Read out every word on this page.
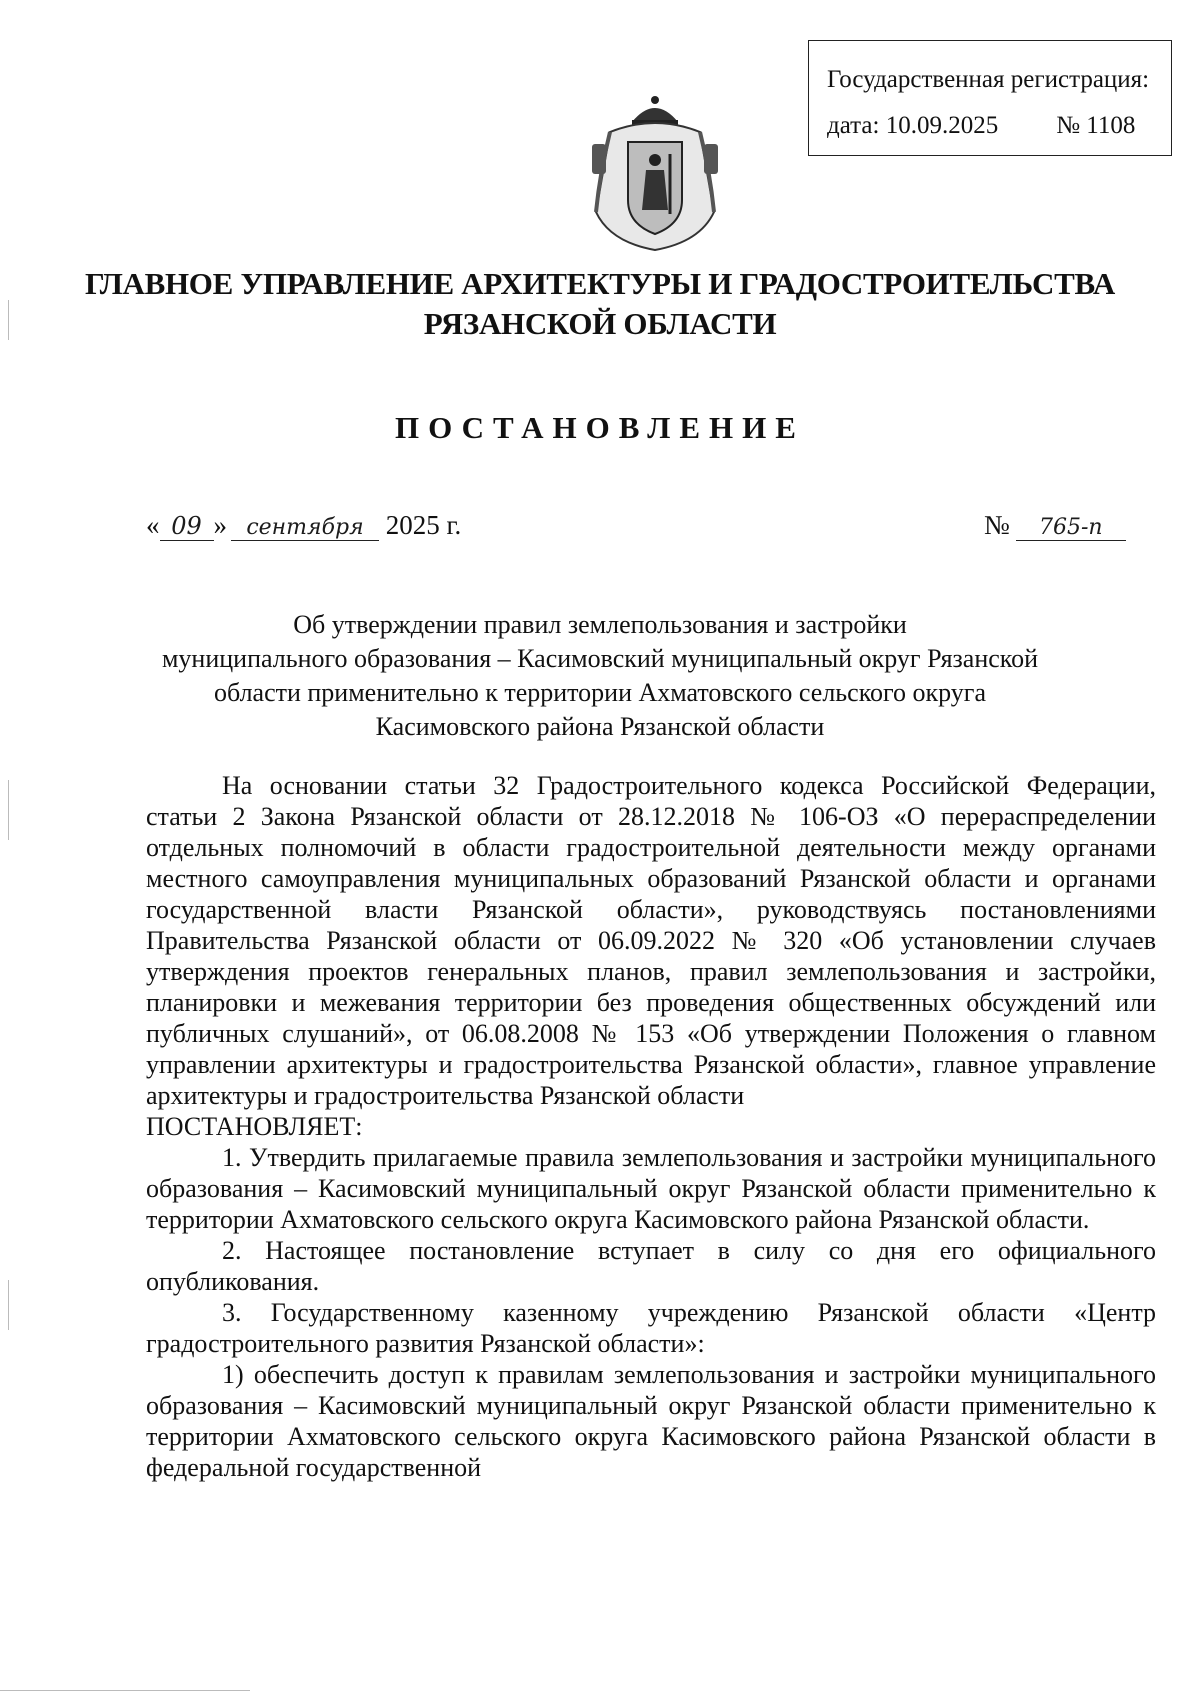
Государственная регистрация:
дата: 10.09.2025 № 1108
ГЛАВНОЕ УПРАВЛЕНИЕ АРХИТЕКТУРЫ И ГРАДОСТРОИТЕЛЬСТВА
РЯЗАНСКОЙ ОБЛАСТИ
ПОСТАНОВЛЕНИЕ
« 09 » сентября 2025 г.	№ 765-п
Об утверждении правил землепользования и застройки
муниципального образования – Касимовский муниципальный округ Рязанской
области применительно к территории Ахматовского сельского округа
Касимовского района Рязанской области

На основании статьи 32 Градостроительного кодекса Российской Федерации, статьи 2 Закона Рязанской области от 28.12.2018 № 106-ОЗ «О перераспределении отдельных полномочий в области градостроительной деятельности между органами местного самоуправления муниципальных образований Рязанской области и органами государственной власти Рязанской области», руководствуясь постановлениями Правительства Рязанской области от 06.09.2022 № 320 «Об установлении случаев утверждения проектов генеральных планов, правил землепользования и застройки, планировки и межевания территории без проведения общественных обсуждений или публичных слушаний», от 06.08.2008 № 153 «Об утверждении Положения о главном управлении архитектуры и градостроительства Рязанской области», главное управление архитектуры и градостроительства Рязанской области

ПОСТАНОВЛЯЕТ:

1. Утвердить прилагаемые правила землепользования и застройки муниципального образования – Касимовский муниципальный округ Рязанской области применительно к территории Ахматовского сельского округа Касимовского района Рязанской области.

2. Настоящее постановление вступает в силу со дня его официального опубликования.

3. Государственному казенному учреждению Рязанской области «Центр градостроительного развития Рязанской области»:

1) обеспечить доступ к правилам землепользования и застройки муниципального образования – Касимовский муниципальный округ Рязанской области применительно к территории Ахматовского сельского округа Касимовского района Рязанской области в федеральной государственной
